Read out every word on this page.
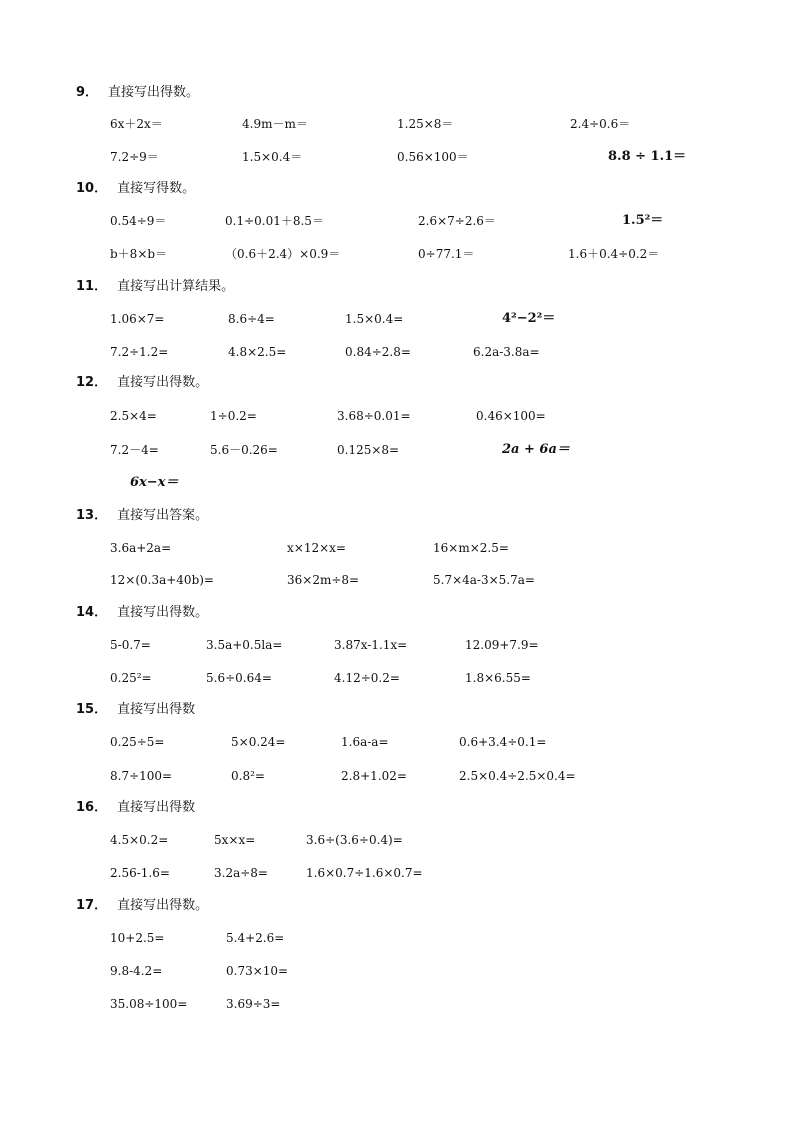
9． 直接写出得数。
6x＋2x＝	4.9m－m＝	1.25×8＝	2.4÷0.6＝
7.2÷9＝	1.5×0.4＝	0.56×100＝	8.8 ÷ 1.1＝
10． 直接写得数。
0.54÷9＝	0.1÷0.01＋8.5＝	2.6×7÷2.6＝	1.5²＝
b＋8×b＝	（0.6＋2.4）×0.9＝	0÷77.1＝	1.6＋0.4÷0.2＝
11． 直接写出计算结果。
1.06×7=	8.6÷4=	1.5×0.4=	4²−2²＝
7.2÷1.2=	4.8×2.5=	0.84÷2.8=	6.2a-3.8a=
12． 直接写出得数。
2.5×4=	1÷0.2=	3.68÷0.01=	0.46×100=
7.2－4=	5.6－0.26=	0.125×8=	2a + 6a＝
6x−x＝
13． 直接写出答案。
3.6a+2a=	x×12×x=	16×m×2.5=
12×(0.3a+40b)=	36×2m÷8=	5.7×4a-3×5.7a=
14． 直接写出得数。
5-0.7=	3.5a+0.5la=	3.87x-1.1x=	12.09+7.9=
0.25²=	5.6÷0.64=	4.12÷0.2=	1.8×6.55=
15． 直接写出得数
0.25÷5=	5×0.24=	1.6a-a=	0.6+3.4÷0.1=
8.7÷100=	0.8²=	2.8+1.02=	2.5×0.4÷2.5×0.4=
16． 直接写出得数
4.5×0.2=	5x×x=	3.6÷(3.6÷0.4)=
2.56-1.6=	3.2a÷8=	1.6×0.7÷1.6×0.7=
17． 直接写出得数。
10+2.5=	5.4+2.6=
9.8-4.2=	0.73×10=
35.08÷100=	3.69÷3=
